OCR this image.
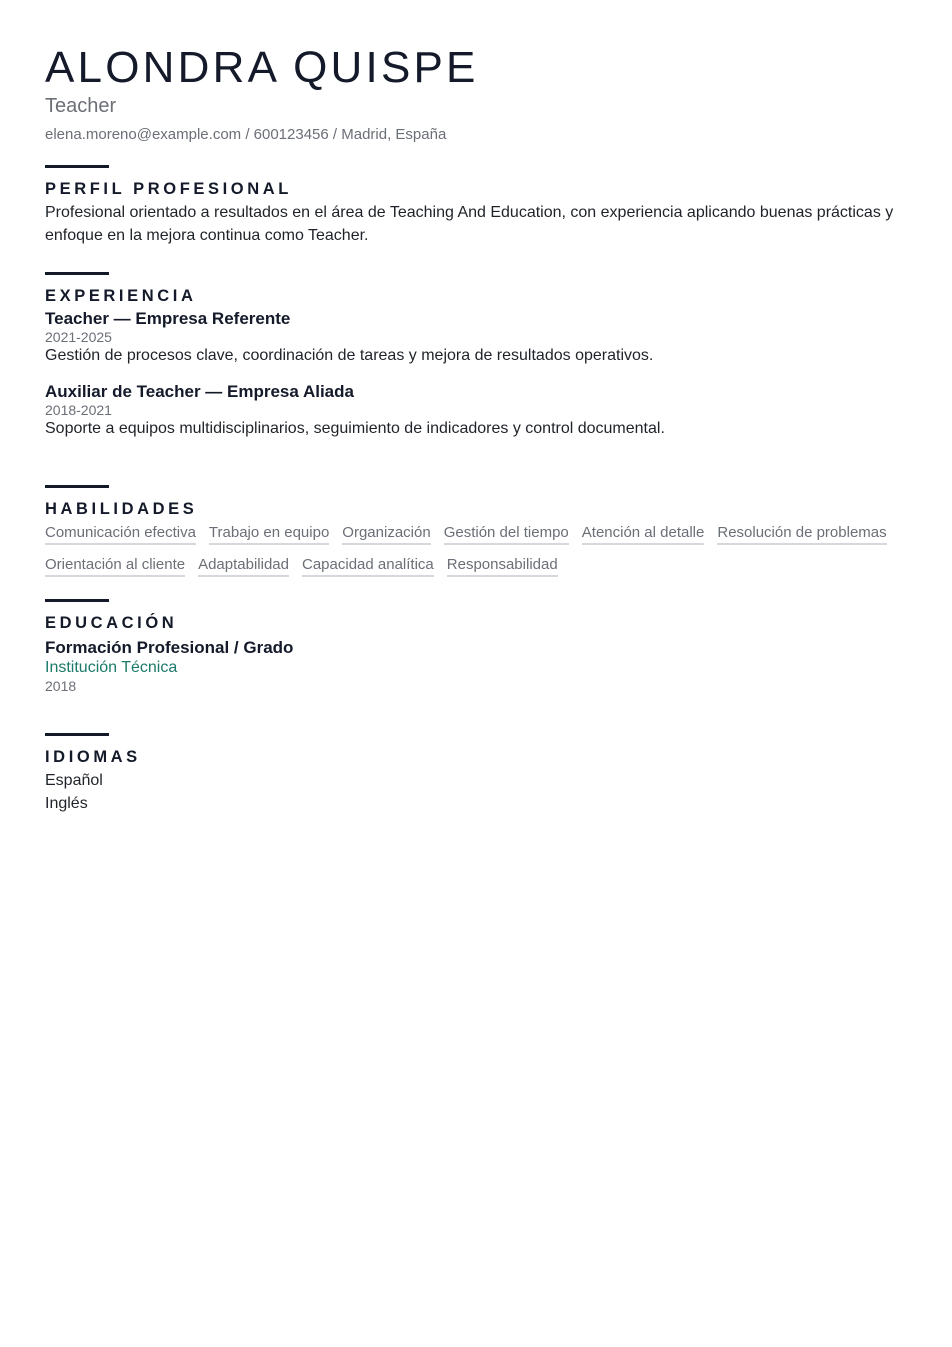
ALONDRA QUISPE
Teacher
elena.moreno@example.com / 600123456 / Madrid, España
PERFIL PROFESIONAL
Profesional orientado a resultados en el área de Teaching And Education, con experiencia aplicando buenas prácticas y enfoque en la mejora continua como Teacher.
EXPERIENCIA
Teacher — Empresa Referente
2021-2025
Gestión de procesos clave, coordinación de tareas y mejora de resultados operativos.
Auxiliar de Teacher — Empresa Aliada
2018-2021
Soporte a equipos multidisciplinarios, seguimiento de indicadores y control documental.
HABILIDADES
Comunicación efectiva Trabajo en equipo Organización Gestión del tiempo Atención al detalle Resolución de problemas
Orientación al cliente Adaptabilidad Capacidad analítica Responsabilidad
EDUCACIÓN
Formación Profesional / Grado
Institución Técnica
2018
IDIOMAS
Español
Inglés
